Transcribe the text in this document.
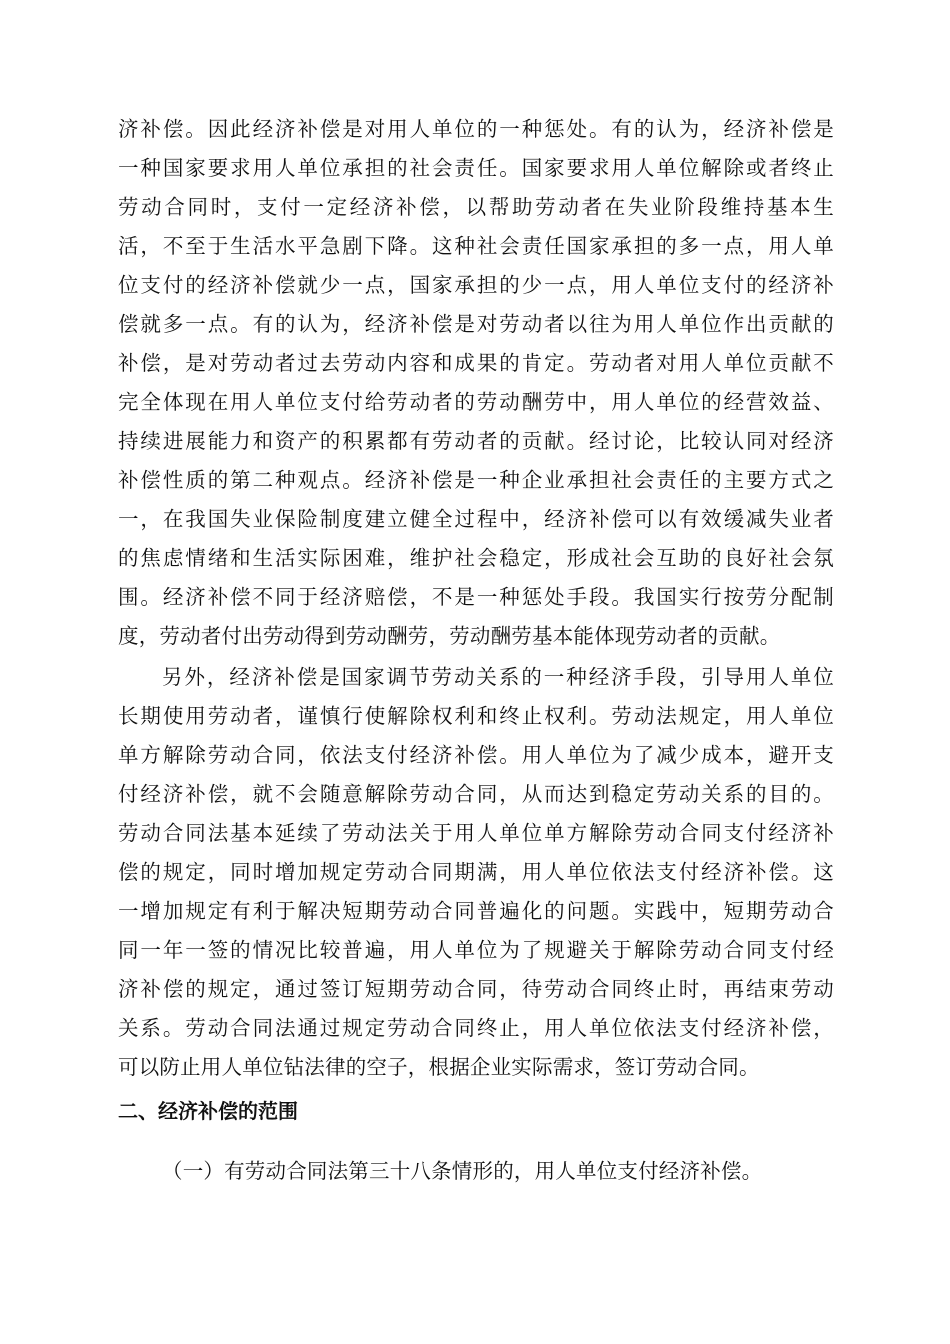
济补偿。因此经济补偿是对用人单位的一种惩处。有的认为，经济补偿是
一种国家要求用人单位承担的社会责任。国家要求用人单位解除或者终止
劳动合同时，支付一定经济补偿，以帮助劳动者在失业阶段维持基本生
活，不至于生活水平急剧下降。这种社会责任国家承担的多一点，用人单
位支付的经济补偿就少一点，国家承担的少一点，用人单位支付的经济补
偿就多一点。有的认为，经济补偿是对劳动者以往为用人单位作出贡献的
补偿，是对劳动者过去劳动内容和成果的肯定。劳动者对用人单位贡献不
完全体现在用人单位支付给劳动者的劳动酬劳中，用人单位的经营效益、
持续进展能力和资产的积累都有劳动者的贡献。经讨论，比较认同对经济
补偿性质的第二种观点。经济补偿是一种企业承担社会责任的主要方式之
一，在我国失业保险制度建立健全过程中，经济补偿可以有效缓减失业者
的焦虑情绪和生活实际困难，维护社会稳定，形成社会互助的良好社会氛
围。经济补偿不同于经济赔偿，不是一种惩处手段。我国实行按劳分配制
度，劳动者付出劳动得到劳动酬劳，劳动酬劳基本能体现劳动者的贡献。
另外，经济补偿是国家调节劳动关系的一种经济手段，引导用人单位
长期使用劳动者，谨慎行使解除权利和终止权利。劳动法规定，用人单位
单方解除劳动合同，依法支付经济补偿。用人单位为了减少成本，避开支
付经济补偿，就不会随意解除劳动合同，从而达到稳定劳动关系的目的。
劳动合同法基本延续了劳动法关于用人单位单方解除劳动合同支付经济补
偿的规定，同时增加规定劳动合同期满，用人单位依法支付经济补偿。这
一增加规定有利于解决短期劳动合同普遍化的问题。实践中，短期劳动合
同一年一签的情况比较普遍，用人单位为了规避关于解除劳动合同支付经
济补偿的规定，通过签订短期劳动合同，待劳动合同终止时，再结束劳动
关系。劳动合同法通过规定劳动合同终止，用人单位依法支付经济补偿，
可以防止用人单位钻法律的空子，根据企业实际需求，签订劳动合同。
二、经济补偿的范围

（一）有劳动合同法第三十八条情形的，用人单位支付经济补偿。
